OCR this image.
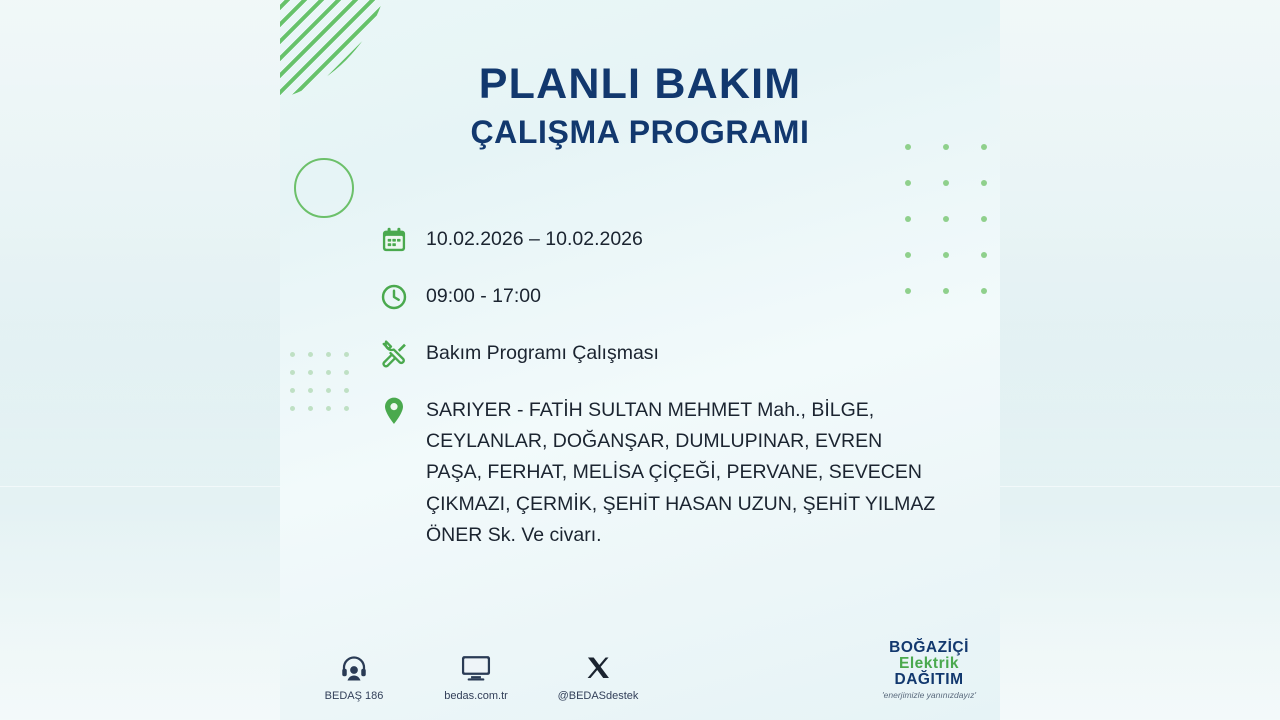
PLANLI BAKIM
ÇALIŞMA PROGRAMI
10.02.2026 – 10.02.2026
09:00 - 17:00
Bakım Programı Çalışması
SARIYER - FATİH SULTAN MEHMET Mah., BİLGE, CEYLANLAR, DOĞANŞAR, DUMLUPINAR, EVREN PAŞA, FERHAT, MELİSA ÇİÇEĞİ, PERVANE, SEVECEN ÇIKMAZI, ÇERMİK, ŞEHİT HASAN UZUN, ŞEHİT YILMAZ ÖNER Sk. Ve civarı.
BEDAŞ 186	bedas.com.tr	@BEDASdestek
BOĞAZİÇİ
Elektrik
DAĞITIM
'enerjimizle yanınızdayız'
